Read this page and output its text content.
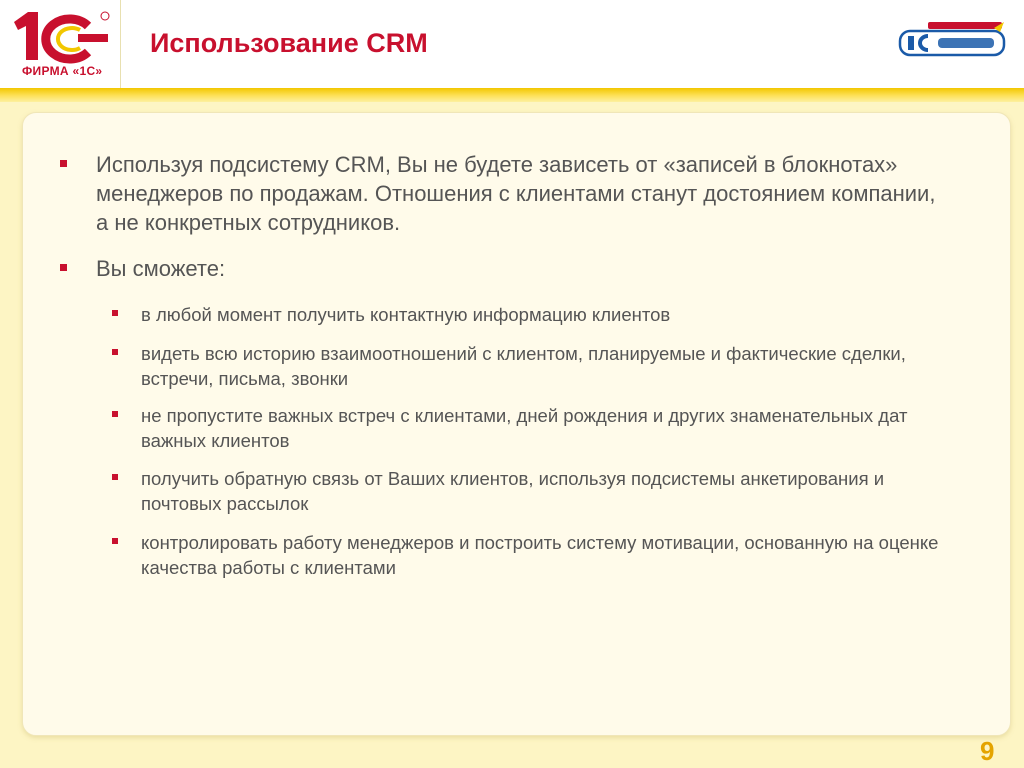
ФИРМА «1С»
Использование CRM
Используя подсистему CRM, Вы не будете зависеть от «записей в блокнотах» менеджеров по продажам. Отношения с клиентами станут достоянием компании, а не конкретных сотрудников.
Вы сможете:
в любой момент получить контактную информацию клиентов
видеть всю историю взаимоотношений с клиентом, планируемые и фактические сделки, встречи, письма, звонки
не пропустите важных встреч с клиентами, дней рождения и других знаменательных дат важных клиентов
получить обратную связь от Ваших клиентов, используя подсистемы анкетирования и почтовых рассылок
контролировать работу менеджеров и построить систему мотивации, основанную на оценке качества работы с клиентами
9
